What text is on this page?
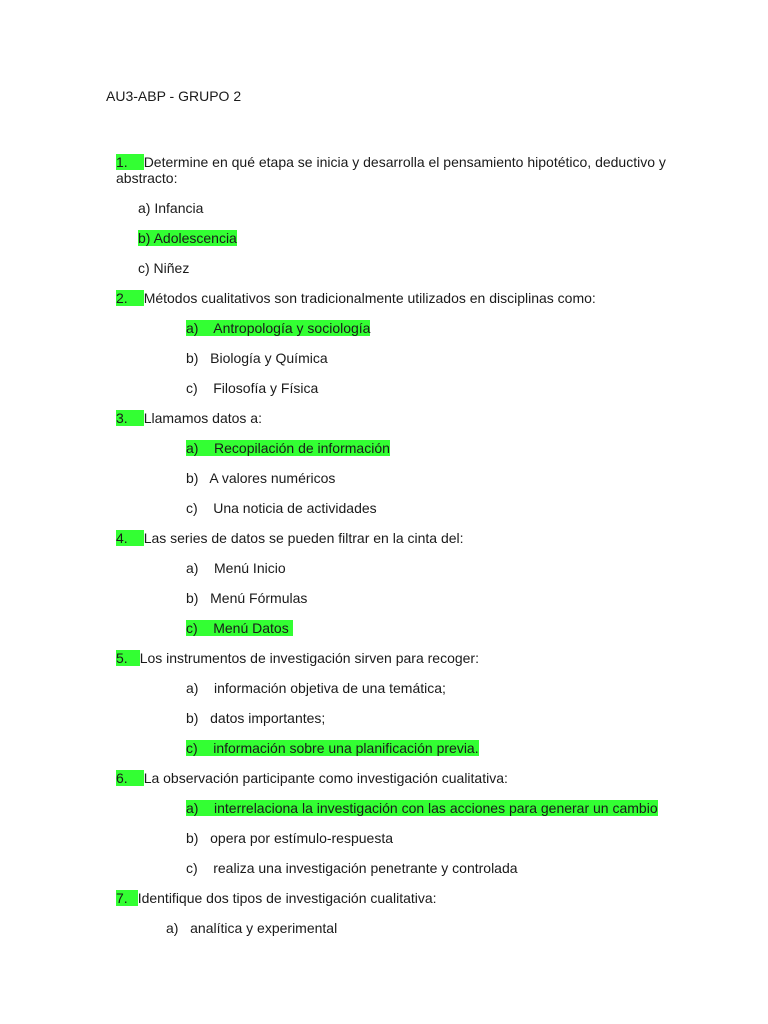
AU3-ABP - GRUPO 2
1. Determine en qué etapa se inicia y desarrolla el pensamiento hipotético, deductivo y
abstracto:
a) Infancia
b) Adolescencia
c) Niñez
2. Métodos cualitativos son tradicionalmente utilizados en disciplinas como:
a) Antropología y sociología
b) Biología y Química
c) Filosofía y Física
3. Llamamos datos a:
a) Recopilación de información
b) A valores numéricos
c) Una noticia de actividades
4. Las series de datos se pueden filtrar en la cinta del:
a) Menú Inicio
b) Menú Fórmulas
c) Menú Datos
5. Los instrumentos de investigación sirven para recoger:
a) información objetiva de una temática;
b) datos importantes;
c) información sobre una planificación previa.
6. La observación participante como investigación cualitativa:
a) interrelaciona la investigación con las acciones para generar un cambio
b) opera por estímulo-respuesta
c) realiza una investigación penetrante y controlada
7. Identifique dos tipos de investigación cualitativa:
a) analítica y experimental
